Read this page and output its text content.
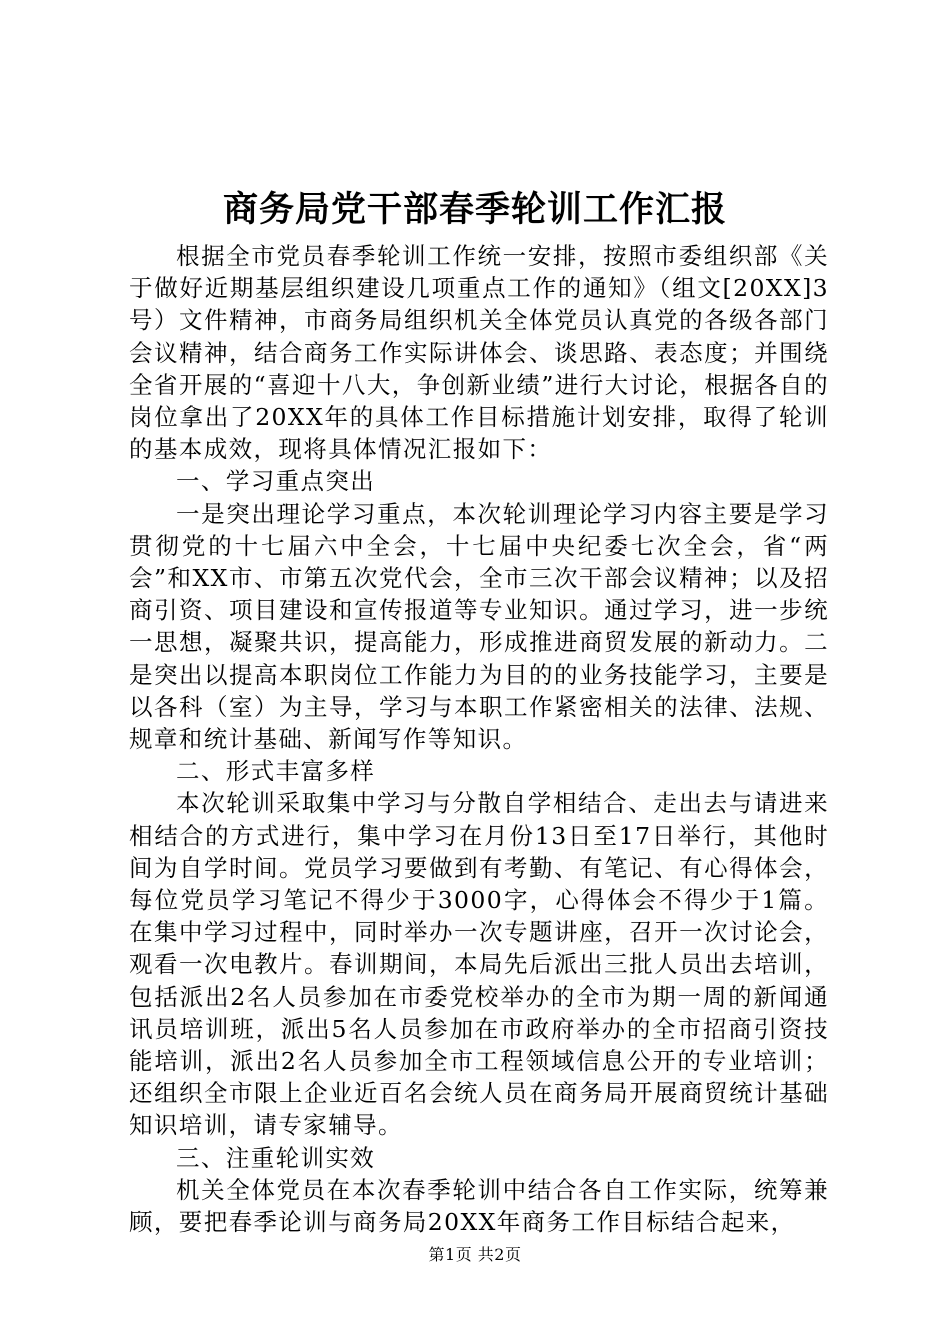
商务局党干部春季轮训工作汇报

根据全市党员春季轮训工作统一安排，按照市委组织部《关于做好近期基层组织建设几项重点工作的通知》（组文[20XX]3号）文件精神，市商务局组织机关全体党员认真党的各级各部门会议精神，结合商务工作实际讲体会、谈思路、表态度；并围绕全省开展的“喜迎十八大，争创新业绩”进行大讨论，根据各自的岗位拿出了20XX年的具体工作目标措施计划安排，取得了轮训的基本成效，现将具体情况汇报如下：

一、学习重点突出

一是突出理论学习重点，本次轮训理论学习内容主要是学习贯彻党的十七届六中全会，十七届中央纪委七次全会，省“两会”和XX市、市第五次党代会，全市三次干部会议精神；以及招商引资、项目建设和宣传报道等专业知识。通过学习，进一步统一思想，凝聚共识，提高能力，形成推进商贸发展的新动力。二是突出以提高本职岗位工作能力为目的的业务技能学习，主要是以各科（室）为主导，学习与本职工作紧密相关的法律、法规、规章和统计基础、新闻写作等知识。

二、形式丰富多样

本次轮训采取集中学习与分散自学相结合、走出去与请进来相结合的方式进行，集中学习在月份13日至17日举行，其他时间为自学时间。党员学习要做到有考勤、有笔记、有心得体会，每位党员学习笔记不得少于3000字，心得体会不得少于1篇。在集中学习过程中，同时举办一次专题讲座，召开一次讨论会，观看一次电教片。春训期间，本局先后派出三批人员出去培训，包括派出2名人员参加在市委党校举办的全市为期一周的新闻通讯员培训班，派出5名人员参加在市政府举办的全市招商引资技能培训，派出2名人员参加全市工程领域信息公开的专业培训；还组织全市限上企业近百名会统人员在商务局开展商贸统计基础知识培训，请专家辅导。

三、注重轮训实效

机关全体党员在本次春季轮训中结合各自工作实际，统筹兼顾，要把春季论训与商务局20XX年商务工作目标结合起来，

第1页 共2页
